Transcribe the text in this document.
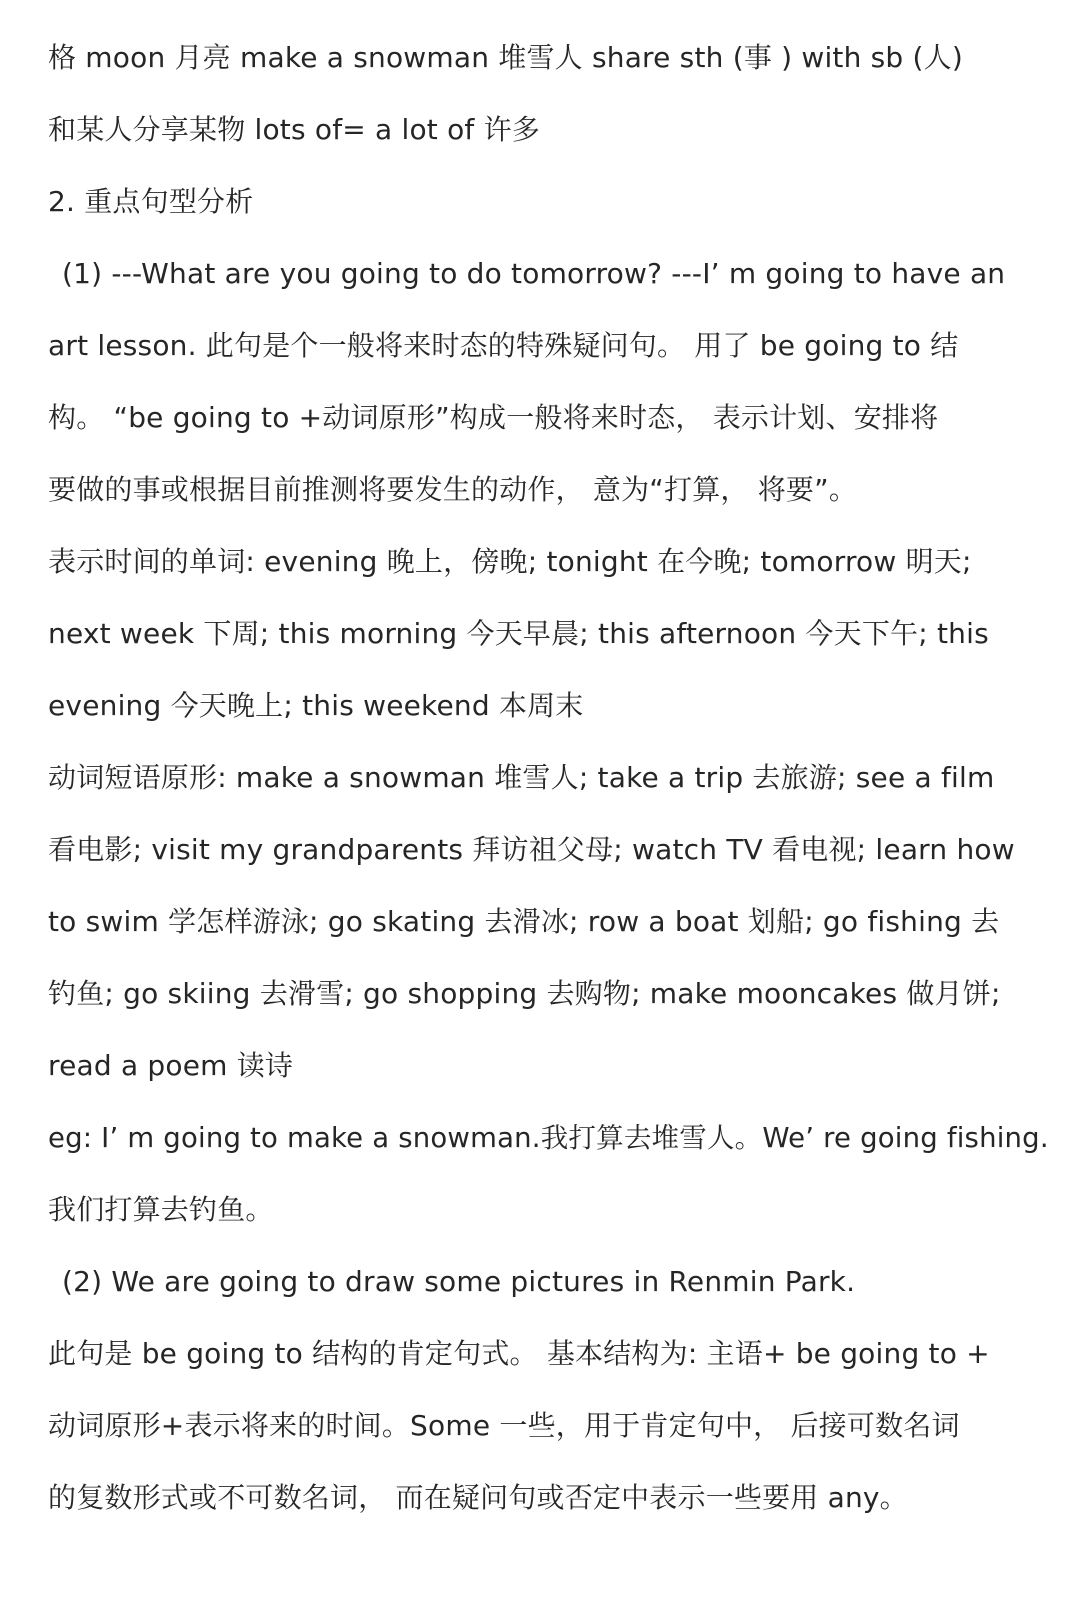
格 moon 月亮 make a snowman 堆雪人 share sth (事 ) with sb (人)
和某人分享某物 lots of= a lot of 许多
2. 重点句型分析
(1) ---What are you going to do tomorrow? ---I’ m going to have an
art lesson. 此句是个一般将来时态的特殊疑问句。 用了 be going to 结
构。 “be going to +动词原形”构成一般将来时态， 表示计划、安排将
要做的事或根据目前推测将要发生的动作， 意为“打算， 将要”。
表示时间的单词: evening 晚上，傍晚; tonight 在今晚; tomorrow 明天;
next week 下周; this morning 今天早晨; this afternoon 今天下午; this
evening 今天晚上; this weekend 本周末
动词短语原形: make a snowman 堆雪人; take a trip 去旅游; see a film
看电影; visit my grandparents 拜访祖父母; watch TV 看电视; learn how
to swim 学怎样游泳; go skating 去滑冰; row a boat 划船; go fishing 去
钓鱼; go skiing 去滑雪; go shopping 去购物; make mooncakes 做月饼;
read a poem 读诗
eg: I’ m going to make a snowman.我打算去堆雪人。We’ re going fishing.
我们打算去钓鱼。
(2) We are going to draw some pictures in Renmin Park.
此句是 be going to 结构的肯定句式。 基本结构为: 主语+ be going to +
动词原形+表示将来的时间。Some 一些，用于肯定句中， 后接可数名词
的复数形式或不可数名词， 而在疑问句或否定中表示一些要用 any。
